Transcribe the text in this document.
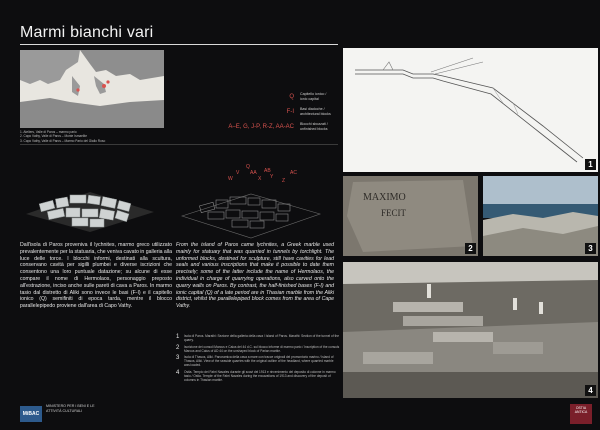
Marmi bianchi vari
1. Ateliers, Valle di Paros – marmo pario
2. Capo Vathy, Valle di Paros – Monte Ismaelite
3. Capo Vathy, Valle di Paros – Marmo Pario del Giallo Roso
Q Capitello ionico / ionic capital
F-I Basi diadoche / architectural blocks
A–E, G, J-P, R-Z, AA-AC Blocchi sbozzati / unfinished blocks
Q
W	X
V
Y
Z
AA AB	AC
Dall'isola di Paros proveniva il lychnites, marmo greco utilizzato prevalentemente per la statuaria, che veniva cavato in galleria alla luce delle torce. I blocchi informi, destinati alla scultura, conservano cavità per sigilli plumbei e diverse iscrizioni che consentono una loro puntuale datazione; su alcune di esse compare il nome di Hermolaos, personaggio preposto all'estrazione, inciso anche sulle pareti di cava a Paros. In marmo tasio dal distretto di Aliki sono invece le basi (F-I) e il capitello ionico (Q) semifiniti di epoca tarda, mentre il blocco parallelepipedo proviene dall'area di Capo Vathy.
From the island of Paros came lychnites, a Greek marble used mainly for statuary that was quarried in tunnels by torchlight. The unformed blocks, destined for sculpture, still have cavities for lead seals and various inscriptions that make it possible to date them precisely; some of the latter include the name of Hermolaos, the individual in charge of quarrying operations, also carved onto the quarry walls on Paros. By contrast, the half-finished bases (F-I) and ionic capital (Q) of a late period are in Thasian marble from the Aliki district, whilst the parallelepiped block comes from the area of Cape Vathy.
1	Isola di Paros. Marathi: Sezione della galleria della cava / Island of Paros. Marathi: Section of the tunnel of the quarry.
2	Iscrizione dei consoli Marcus e Caius del 44 d.C. sul blocco informe di marmo pario / Inscription of the consuls Marcus and Caius of AD 44 on the unshaped block of Parian marble.
3	Isola di Thasos, Aliki. Panoramica della cava a mare con tracce originali del promontorio marino / Island of Thasos, Aliki. View of the seaside quarries with the original outline of the headland, where quarried marble was loaded.
4	Ostia. Tempio dei Fabri Navales durante gli scavi del 1913 e rinvenimento del deposito di colonne in marmo tasio / Ostia. Temple of the Fabri Navales during the excavations of 1913 and discovery of the deposit of columns in Thasian marble.
1
MAXIMO
FECIT
2	3
4
MiBAC
MINISTERO PER I BENI E LE ATTIVITÀ CULTURALI
OSTIA ANTICA
